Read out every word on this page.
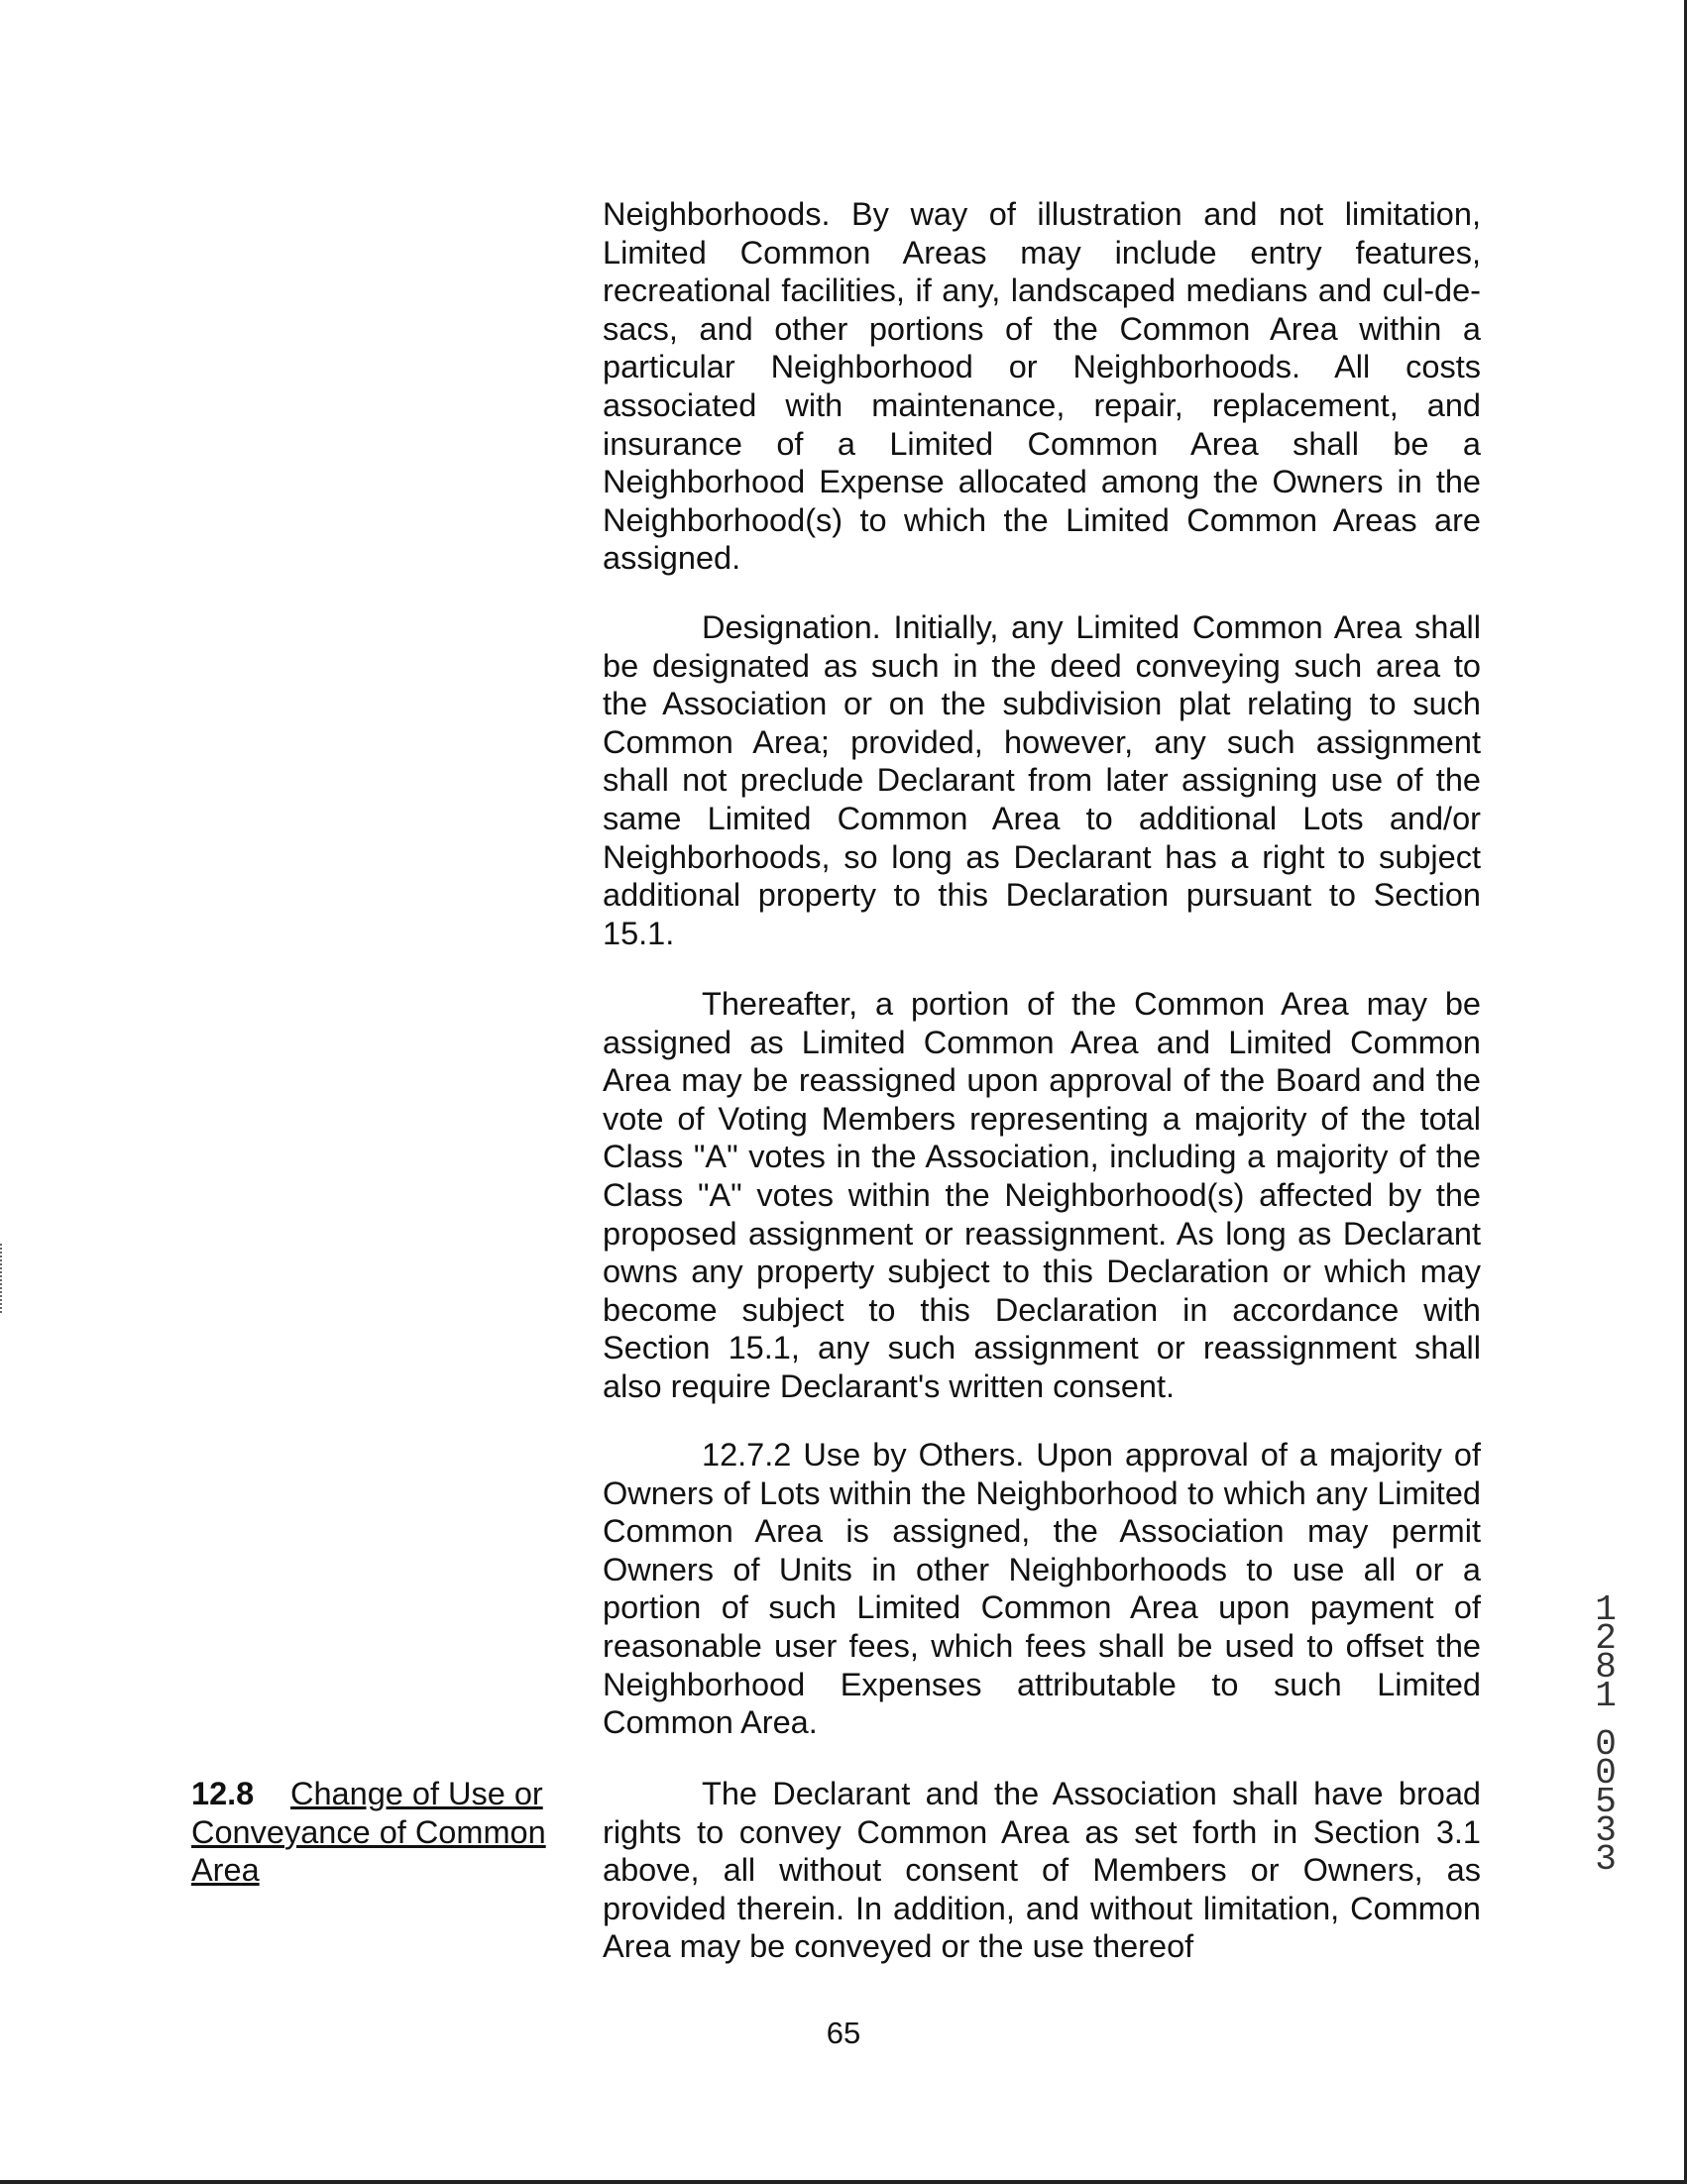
Neighborhoods. By way of illustration and not limitation, Limited Common Areas may include entry features, recreational facilities, if any, landscaped medians and cul-de-sacs, and other portions of the Common Area within a particular Neighborhood or Neighborhoods. All costs associated with maintenance, repair, replacement, and insurance of a Limited Common Area shall be a Neighborhood Expense allocated among the Owners in the Neighborhood(s) to which the Limited Common Areas are assigned.

Designation. Initially, any Limited Common Area shall be designated as such in the deed conveying such area to the Association or on the subdivision plat relating to such Common Area; provided, however, any such assignment shall not preclude Declarant from later assigning use of the same Limited Common Area to additional Lots and/or Neighborhoods, so long as Declarant has a right to subject additional property to this Declaration pursuant to Section 15.1.

Thereafter, a portion of the Common Area may be assigned as Limited Common Area and Limited Common Area may be reassigned upon approval of the Board and the vote of Voting Members representing a majority of the total Class "A" votes in the Association, including a majority of the Class "A" votes within the Neighborhood(s) affected by the proposed assignment or reassignment. As long as Declarant owns any property subject to this Declaration or which may become subject to this Declaration in accordance with Section 15.1, any such assignment or reassignment shall also require Declarant's written consent.

12.7.2 Use by Others. Upon approval of a majority of Owners of Lots within the Neighborhood to which any Limited Common Area is assigned, the Association may permit Owners of Units in other Neighborhoods to use all or a portion of such Limited Common Area upon payment of reasonable user fees, which fees shall be used to offset the Neighborhood Expenses attributable to such Limited Common Area.

12.8 Change of Use or Conveyance of Common Area

The Declarant and the Association shall have broad rights to convey Common Area as set forth in Section 3.1 above, all without consent of Members or Owners, as provided therein. In addition, and without limitation, Common Area may be conveyed or the use thereof

65
1 2 8 1
0 0 5 3 3
